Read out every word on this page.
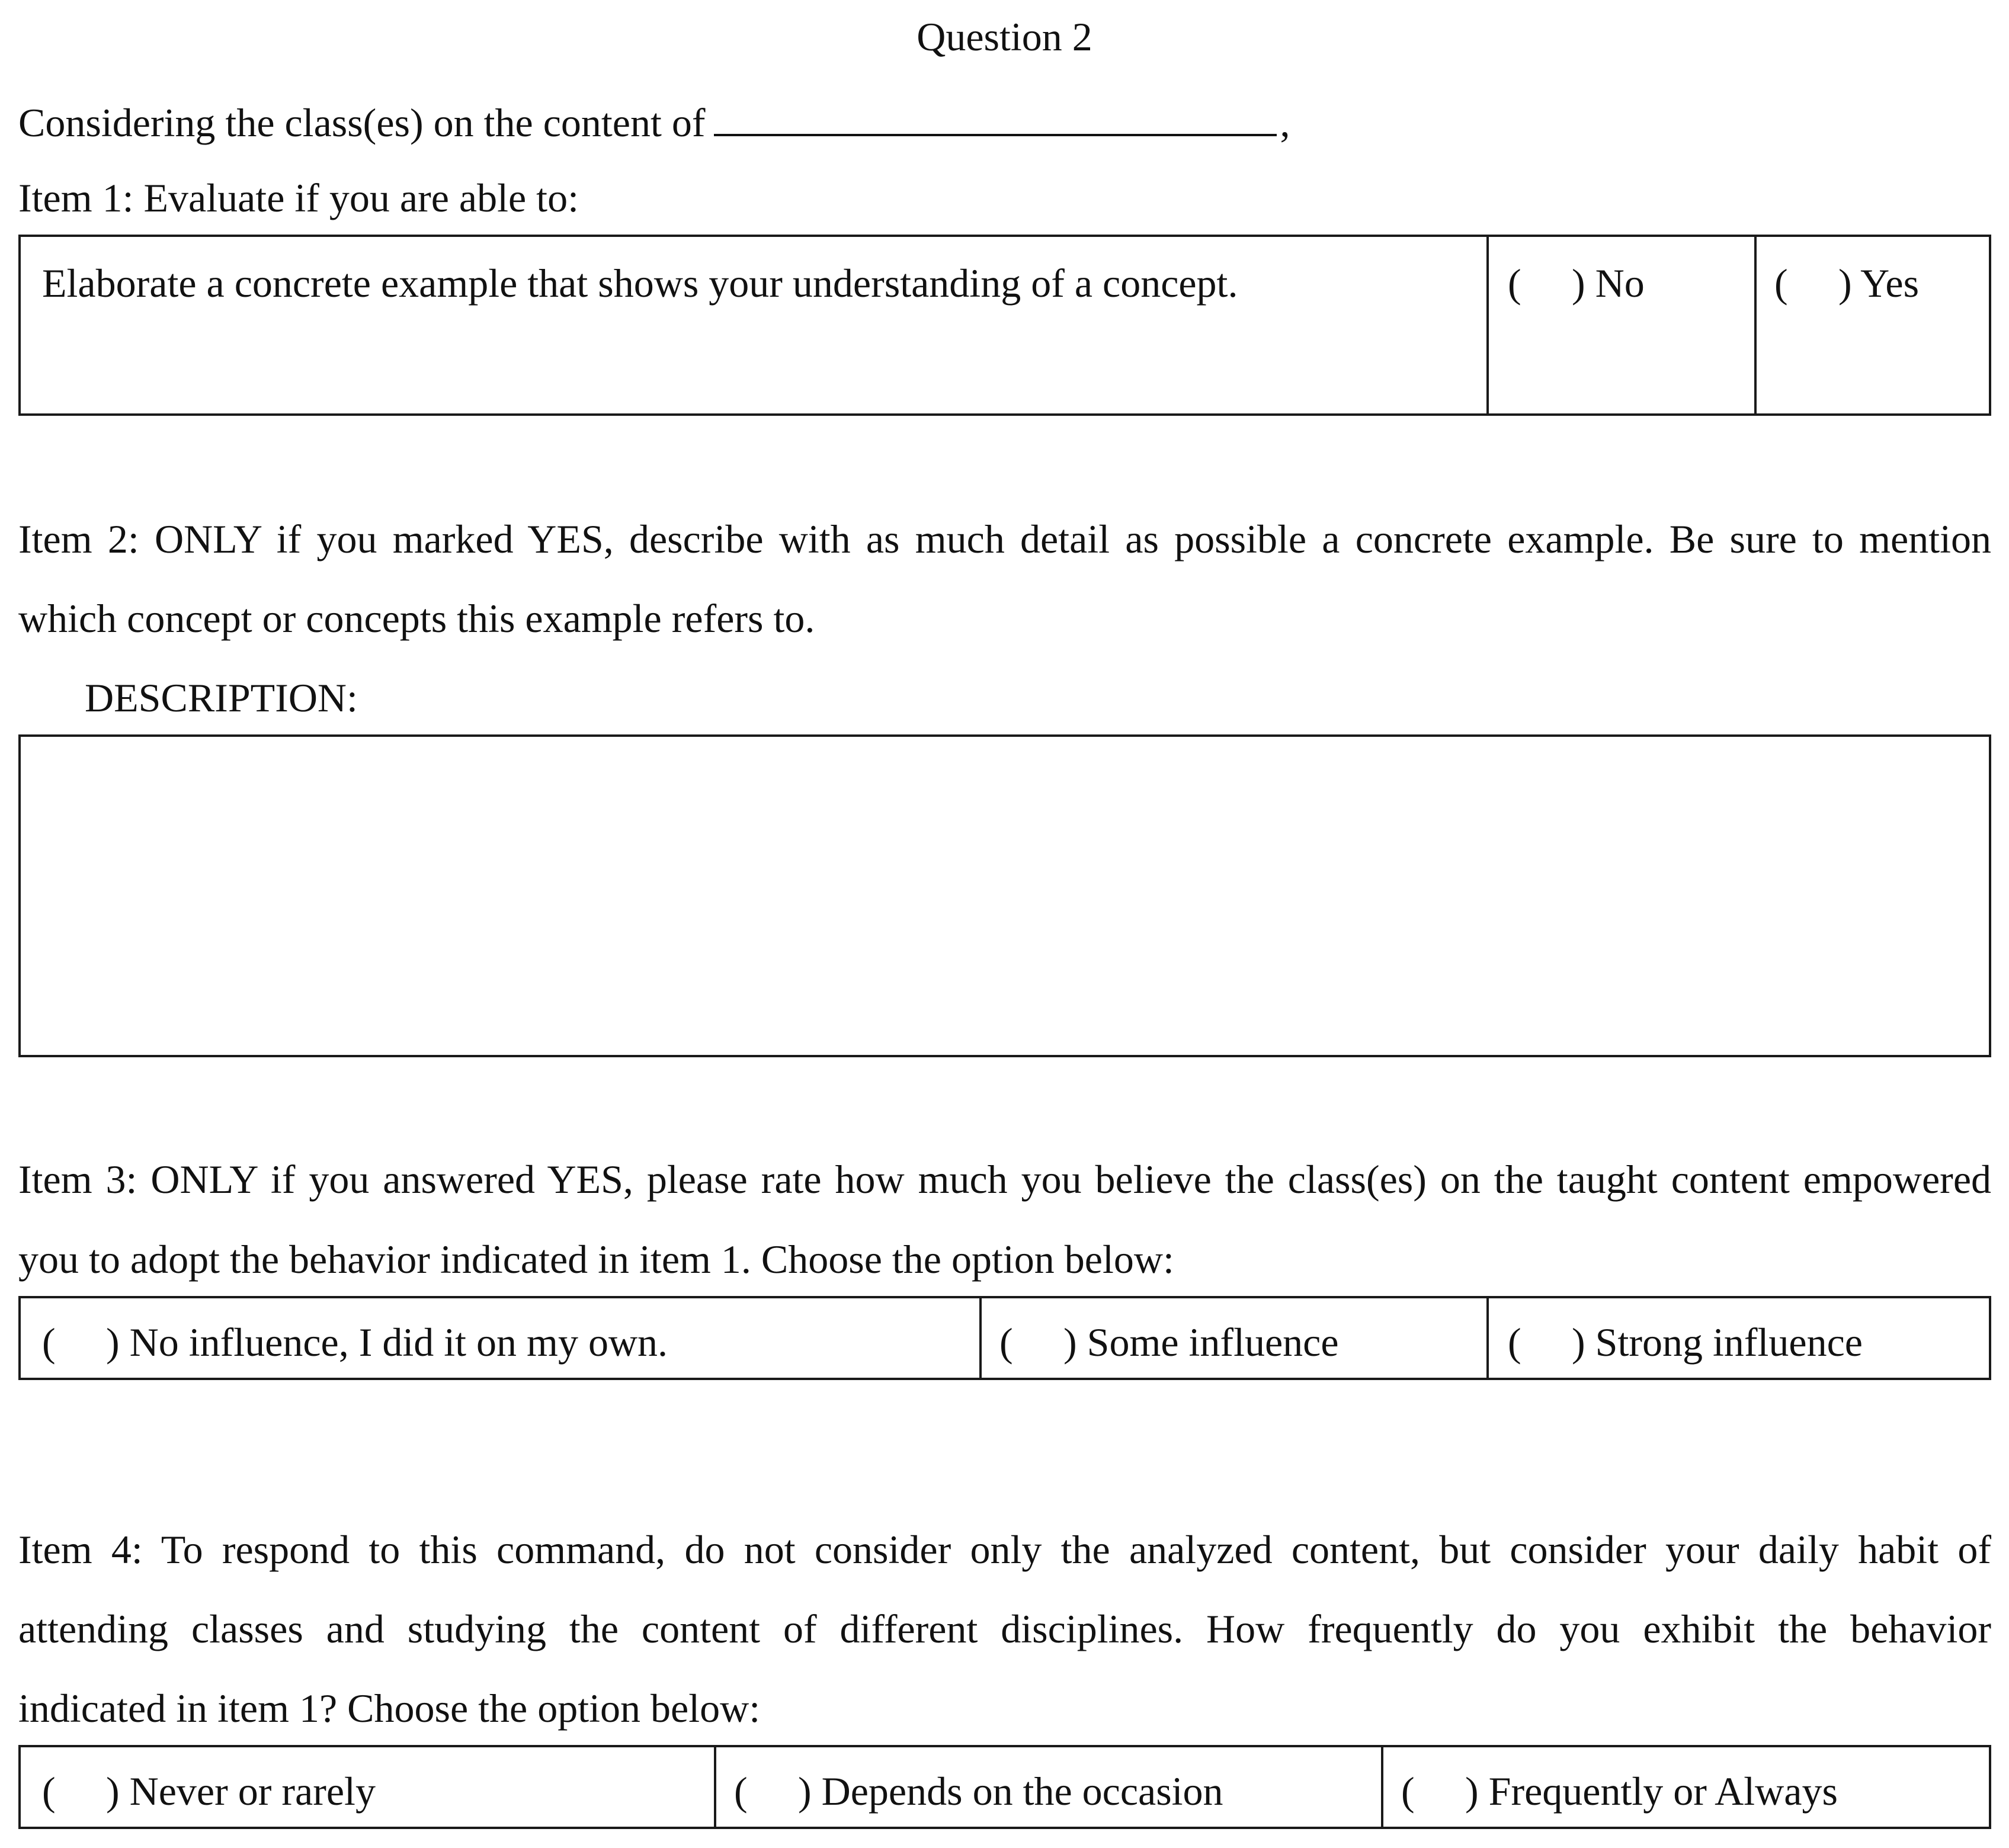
Question 2
Considering the class(es) on the content of	,
Item 1: Evaluate if you are able to:
Elaborate a concrete example that shows your understanding of a concept.	( ) No	( ) Yes
Item 2: ONLY if you marked YES, describe with as much detail as possible a concrete example. Be sure to mention
which concept or concepts this example refers to.
DESCRIPTION:
Item 3: ONLY if you answered YES, please rate how much you believe the class(es) on the taught content empowered
you to adopt the behavior indicated in item 1. Choose the option below:
( ) No influence, I did it on my own.	( ) Some influence	( ) Strong influence
Item 4: To respond to this command, do not consider only the analyzed content, but consider your daily habit of
attending classes and studying the content of different disciplines. How frequently do you exhibit the behavior
indicated in item 1? Choose the option below:
( ) Never or rarely	( ) Depends on the occasion	( ) Frequently or Always
